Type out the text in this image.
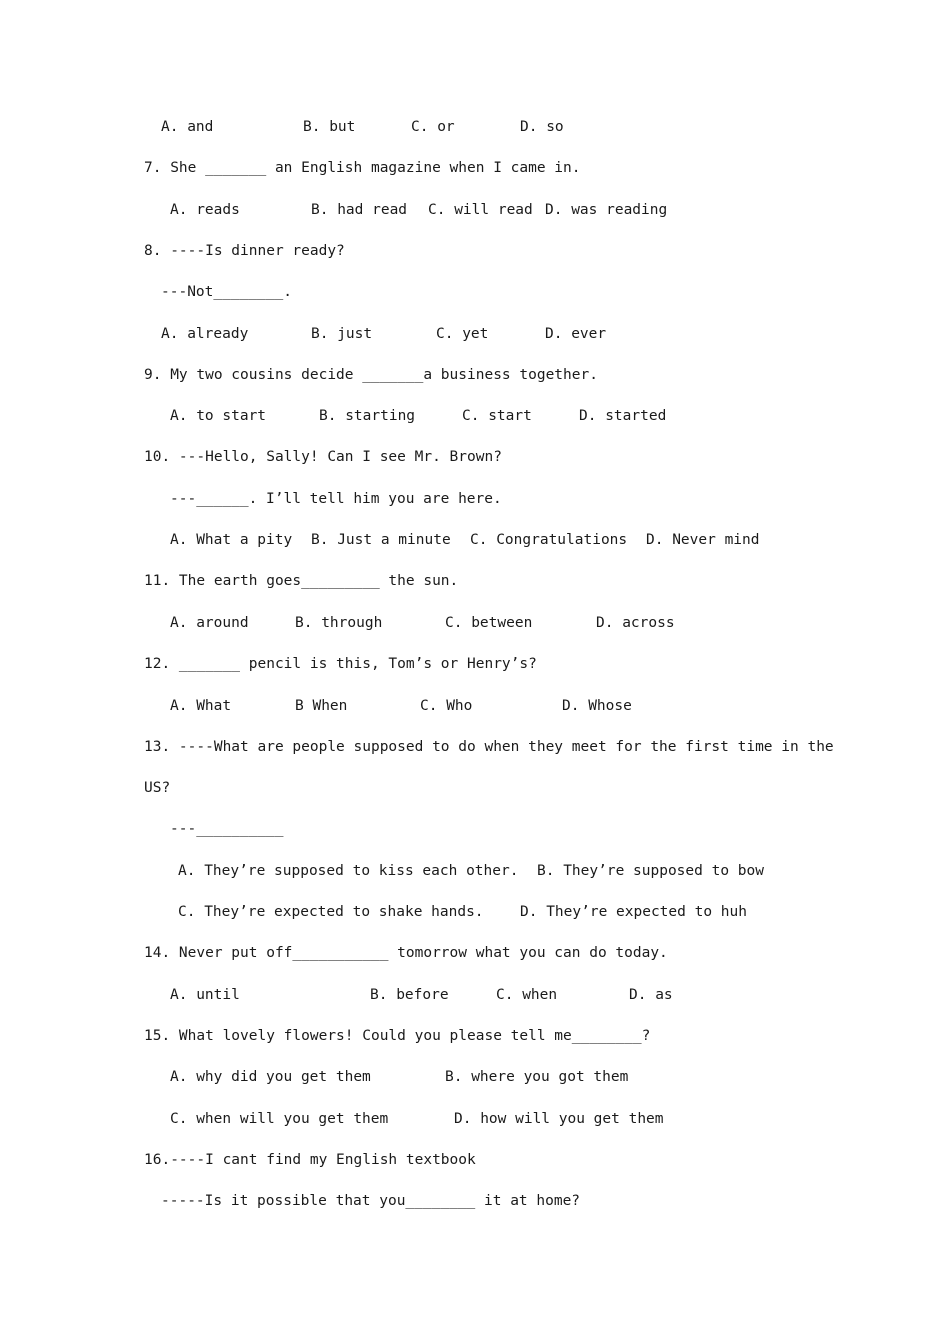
A. and	B. but	C. or	D. so
7. She _______ an English magazine when I came in.
A. reads	B. had read C. will read D. was reading
8. ----Is dinner ready?
---Not________.
A. already	B. just	C. yet	D. ever
9. My two cousins decide _______a business together.
A. to start	B. starting	C. start	D. started
10. ---Hello, Sally! Can I see Mr. Brown?
---______. I’ll tell him you are here.
A. What a pity B. Just a minute C. Congratulations D. Never mind
11. The earth goes_________ the sun.
A. around	B. through	C. between	D. across
12. _______ pencil is this, Tom’s or Henry’s?
A. What	B When	C. Who	D. Whose
13. ----What are people supposed to do when they meet for the first time in the
US?
---__________
A. They’re supposed to kiss each other. B. They’re supposed to bow
C. They’re expected to shake hands.	D. They’re expected to huh
14. Never put off___________ tomorrow what you can do today.
A. until	B. before	C. when	D. as
15. What lovely flowers! Could you please tell me________?
A. why did you get them	B. where you got them
C. when will you get them	D. how will you get them
16.----I cant find my English textbook
-----Is it possible that you________ it at home?
